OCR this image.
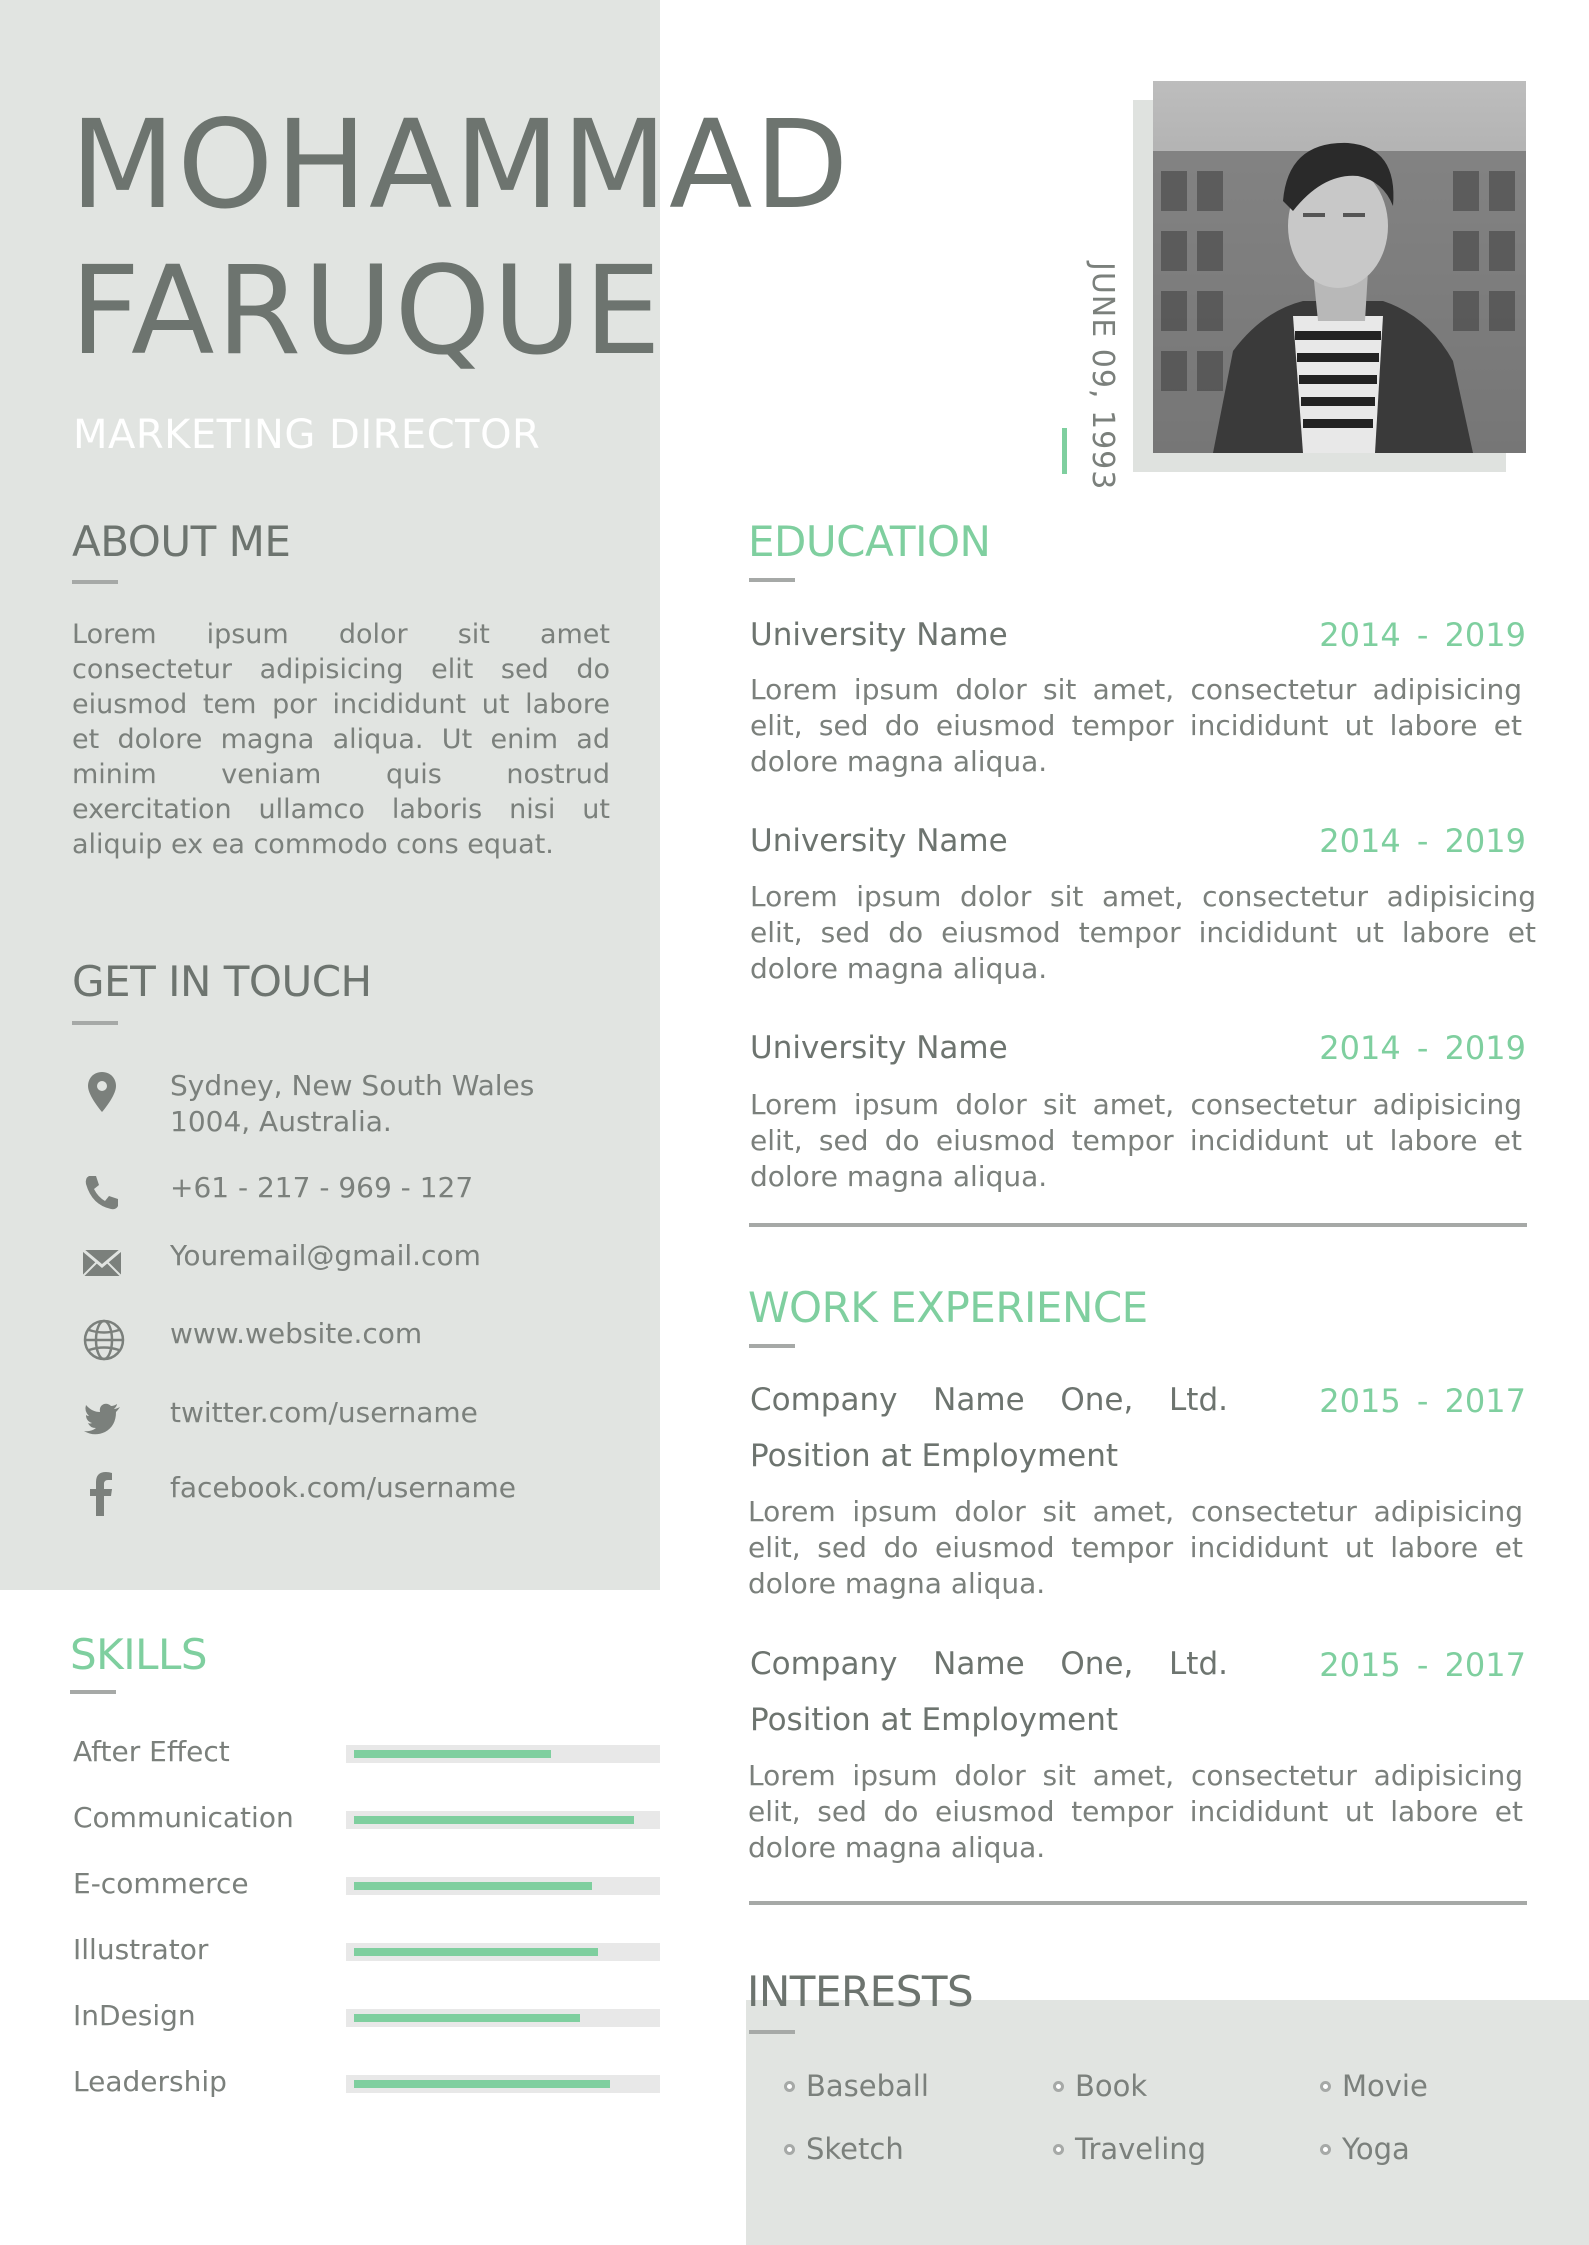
MOHAMMAD
FARUQUE
MARKETING DIRECTOR	JUNE 09, 1993
ABOUT ME
Lorem ipsum dolor sit amet consectetur adipisicing elit sed do eiusmod tem por incididunt ut labore et dolore magna aliqua. Ut enim ad minim veniam quis nostrud exercitation ullamco laboris nisi ut aliquip ex ea commodo cons equat.
GET IN TOUCH
Sydney, New South Wales
1004, Australia.
+61 - 217 - 969 - 127
Youremail@gmail.com
www.website.com
twitter.com/username
facebook.com/username
SKILLS
After Effect
Communication
E-commerce
Illustrator
InDesign
Leadership
EDUCATION
University Name	2014 - 2019
Lorem ipsum dolor sit amet, consectetur adipisicing elit, sed do eiusmod tempor incididunt ut labore et dolore magna aliqua.
University Name	2014 - 2019
Lorem ipsum dolor sit amet, consectetur adipisicing elit, sed do eiusmod tempor incididunt ut labore et dolore magna aliqua.
University Name	2014 - 2019
Lorem ipsum dolor sit amet, consectetur adipisicing elit, sed do eiusmod tempor incididunt ut labore et dolore magna aliqua.
WORK EXPERIENCE
Company Name One, Ltd.	2015 - 2017
Position at Employment
Lorem ipsum dolor sit amet, consectetur adipisicing elit, sed do eiusmod tempor incididunt ut labore et dolore magna aliqua.
Company Name One, Ltd.	2015 - 2017
Position at Employment
Lorem ipsum dolor sit amet, consectetur adipisicing elit, sed do eiusmod tempor incididunt ut labore et dolore magna aliqua.
INTERESTS
Baseball	Book	Movie
Sketch	Traveling	Yoga
